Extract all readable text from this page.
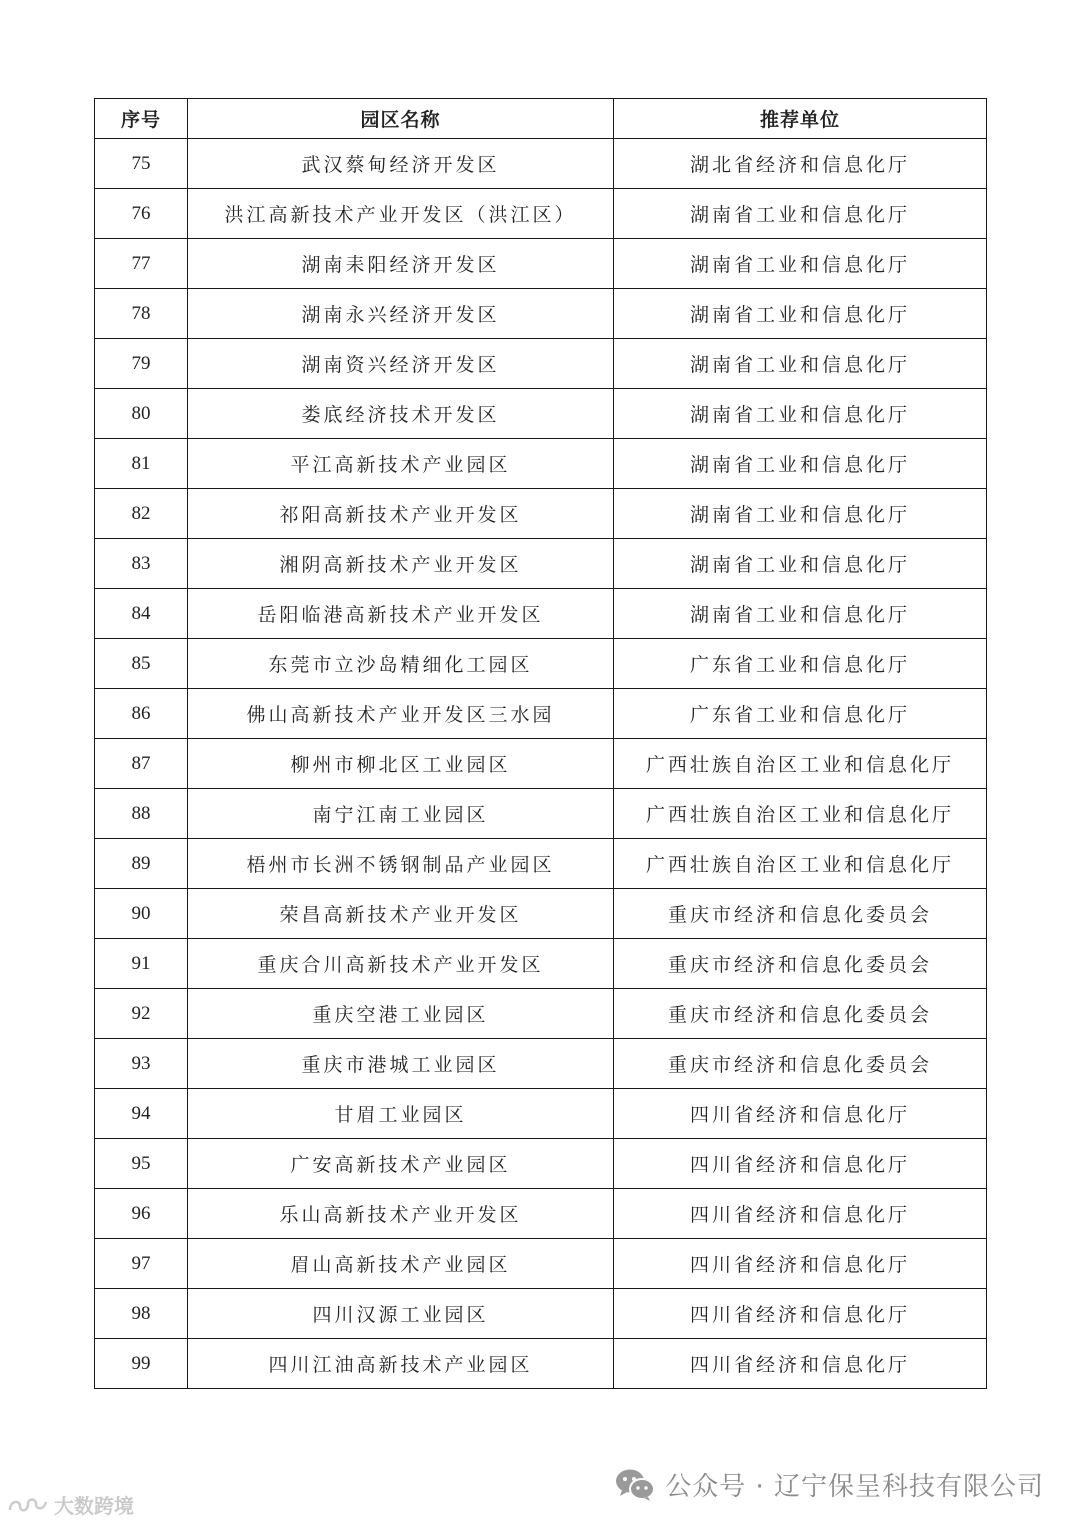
序号	园区名称	推荐单位
75	武汉蔡甸经济开发区	湖北省经济和信息化厅
76	洪江高新技术产业开发区（洪江区）	湖南省工业和信息化厅
77	湖南耒阳经济开发区	湖南省工业和信息化厅
78	湖南永兴经济开发区	湖南省工业和信息化厅
79	湖南资兴经济开发区	湖南省工业和信息化厅
80	娄底经济技术开发区	湖南省工业和信息化厅
81	平江高新技术产业园区	湖南省工业和信息化厅
82	祁阳高新技术产业开发区	湖南省工业和信息化厅
83	湘阴高新技术产业开发区	湖南省工业和信息化厅
84	岳阳临港高新技术产业开发区	湖南省工业和信息化厅
85	东莞市立沙岛精细化工园区	广东省工业和信息化厅
86	佛山高新技术产业开发区三水园	广东省工业和信息化厅
87	柳州市柳北区工业园区	广西壮族自治区工业和信息化厅
88	南宁江南工业园区	广西壮族自治区工业和信息化厅
89	梧州市长洲不锈钢制品产业园区	广西壮族自治区工业和信息化厅
90	荣昌高新技术产业开发区	重庆市经济和信息化委员会
91	重庆合川高新技术产业开发区	重庆市经济和信息化委员会
92	重庆空港工业园区	重庆市经济和信息化委员会
93	重庆市港城工业园区	重庆市经济和信息化委员会
94	甘眉工业园区	四川省经济和信息化厅
95	广安高新技术产业园区	四川省经济和信息化厅
96	乐山高新技术产业开发区	四川省经济和信息化厅
97	眉山高新技术产业园区	四川省经济和信息化厅
98	四川汉源工业园区	四川省经济和信息化厅
99	四川江油高新技术产业园区	四川省经济和信息化厅
公众号 · 辽宁保呈科技有限公司
大数跨境
